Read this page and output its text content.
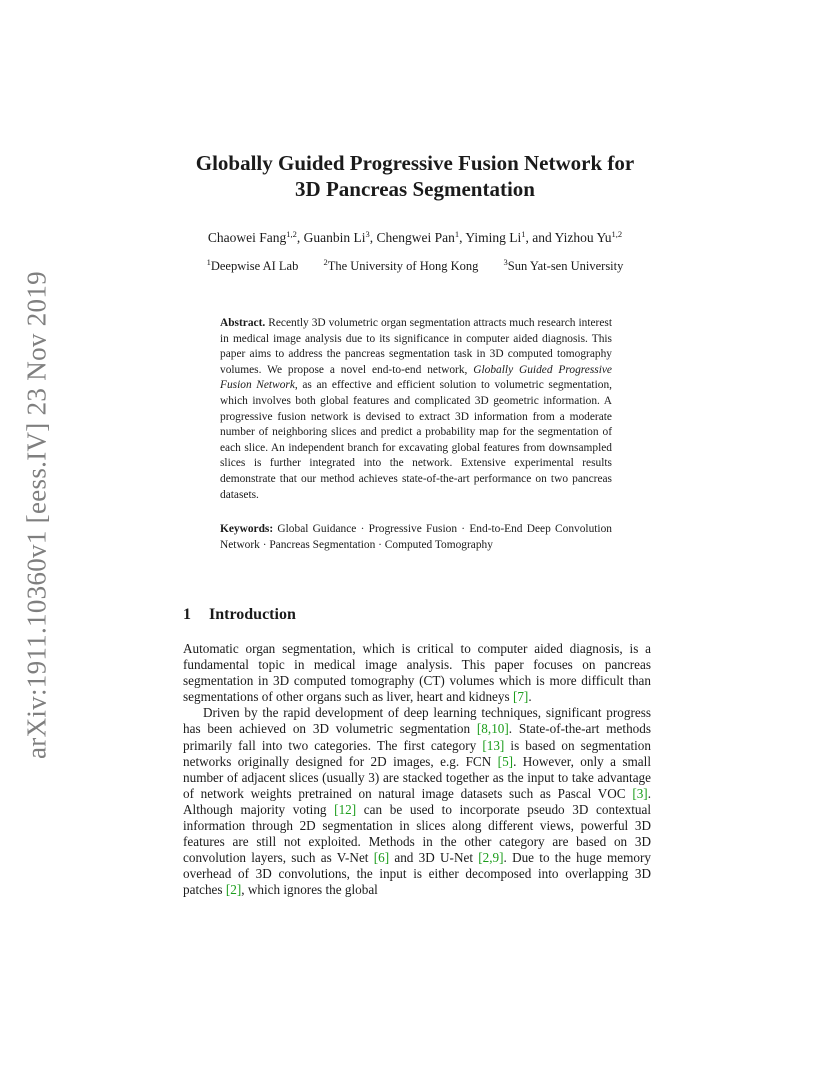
arXiv:1911.10360v1 [eess.IV] 23 Nov 2019
Globally Guided Progressive Fusion Network for
3D Pancreas Segmentation
Chaowei Fang$^{1,2}$, Guanbin Li$^3$, Chengwei Pan$^1$, Yiming Li$^1$, and Yizhou Yu$^{1,2}$
$^1$Deepwise AI Lab	$^2$The University of Hong Kong	$^3$Sun Yat-sen University

Abstract. Recently 3D volumetric organ segmentation attracts much research interest in medical image analysis due to its significance in computer aided diagnosis. This paper aims to address the pancreas segmentation task in 3D computed tomography volumes. We propose a novel end-to-end network, Globally Guided Progressive Fusion Network, as an effective and efficient solution to volumetric segmentation, which involves both global features and complicated 3D geometric information. A progressive fusion network is devised to extract 3D information from a moderate number of neighboring slices and predict a probability map for the segmentation of each slice. An independent branch for excavating global features from downsampled slices is further integrated into the network. Extensive experimental results demonstrate that our method achieves state-of-the-art performance on two pancreas datasets.

Keywords: Global Guidance · Progressive Fusion · End-to-End Deep Convolution Network · Pancreas Segmentation · Computed Tomography

1 Introduction

Automatic organ segmentation, which is critical to computer aided diagnosis, is a fundamental topic in medical image analysis. This paper focuses on pancreas segmentation in 3D computed tomography (CT) volumes which is more difficult than segmentations of other organs such as liver, heart and kidneys [7].

Driven by the rapid development of deep learning techniques, significant progress has been achieved on 3D volumetric segmentation [8,10]. State-of-the-art methods primarily fall into two categories. The first category [13] is based on segmentation networks originally designed for 2D images, e.g. FCN [5]. However, only a small number of adjacent slices (usually 3) are stacked together as the input to take advantage of network weights pretrained on natural image datasets such as Pascal VOC [3]. Although majority voting [12] can be used to incorporate pseudo 3D contextual information through 2D segmentation in slices along different views, powerful 3D features are still not exploited. Methods in the other category are based on 3D convolution layers, such as V-Net [6] and 3D U-Net [2,9]. Due to the huge memory overhead of 3D convolutions, the input is either decomposed into overlapping 3D patches [2], which ignores the global
